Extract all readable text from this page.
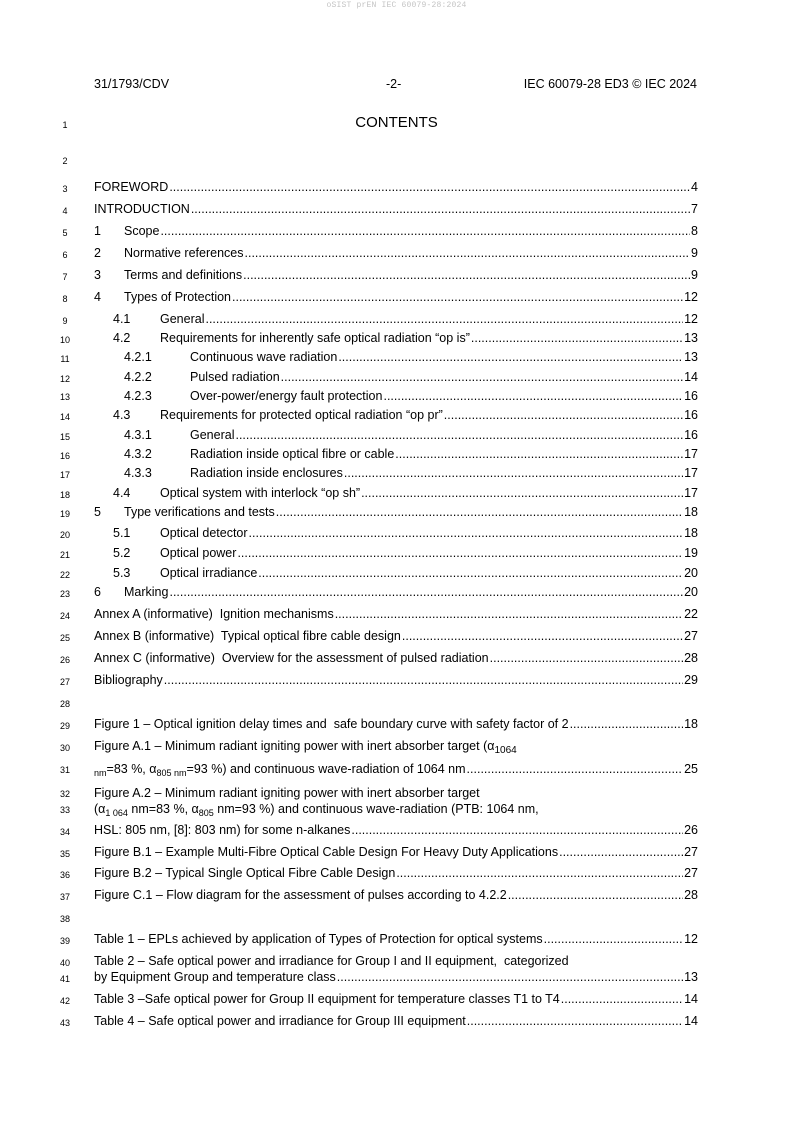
oSIST prEN IEC 60079-28:2024
31/1793/CDV	-2-	IEC 60079-28 ED3 © IEC 2024
1
2
3
4
5
6
7
8
9
10
11
12
13
14
15
16
17
18
19
20
21
22
23
24
25
26
27
28
29
30
31
32
33
34
35
36
37
38
39
40
41
42
43
CONTENTS
FOREWORD .....	4
INTRODUCTION .....	7
1	Scope .....	8
2	Normative references .....	9
3	Terms and definitions .....	9
4	Types of Protection .....	12
4.1	General .....	12
4.2	Requirements for inherently safe optical radiation “op is” .....	13
4.2.1	Continuous wave radiation .....	13
4.2.2	Pulsed radiation .....	14
4.2.3	Over-power/energy fault protection .....	16
4.3	Requirements for protected optical radiation “op pr” .....	16
4.3.1	General .....	16
4.3.2	Radiation inside optical fibre or cable .....	17
4.3.3	Radiation inside enclosures .....	17
4.4	Optical system with interlock “op sh” .....	17
5	Type verifications and tests .....	18
5.1	Optical detector .....	18
5.2	Optical power .....	19
5.3	Optical irradiance .....	20
6	Marking .....	20
Annex A (informative)  Ignition mechanisms .....	22
Annex B (informative)  Typical optical fibre cable design .....	27
Annex C (informative)  Overview for the assessment of pulsed radiation .....	28
Bibliography .....	29
Figure 1 – Optical ignition delay times and  safe boundary curve with safety factor of 2 .....	18
Figure A.1 – Minimum radiant igniting power with inert absorber target ($\alpha_{1064}$
$_{nm}$=83 %, $\alpha_{805}$ $_{nm}$=93 %) and continuous wave-radiation of 1064 nm .....	25
Figure A.2 – Minimum radiant igniting power with inert absorber target
($\alpha_{1 064}$ nm=83 %, $\alpha_{805}$ nm=93 %) and continuous wave-radiation (PTB: 1064 nm,
HSL: 805 nm, [8]: 803 nm) for some n-alkanes .....	26
Figure B.1 – Example Multi-Fibre Optical Cable Design For Heavy Duty Applications .....	27
Figure B.2 – Typical Single Optical Fibre Cable Design .....	27
Figure C.1 – Flow diagram for the assessment of pulses according to 4.2.2 .....	28
Table 1 – EPLs achieved by application of Types of Protection for optical systems .....	12
Table 2 – Safe optical power and irradiance for Group I and II equipment,  categorized
by Equipment Group and temperature class .....	13
Table 3 –Safe optical power for Group II equipment for temperature classes T1 to T4 .....	14
Table 4 – Safe optical power and irradiance for Group III equipment .....	14
